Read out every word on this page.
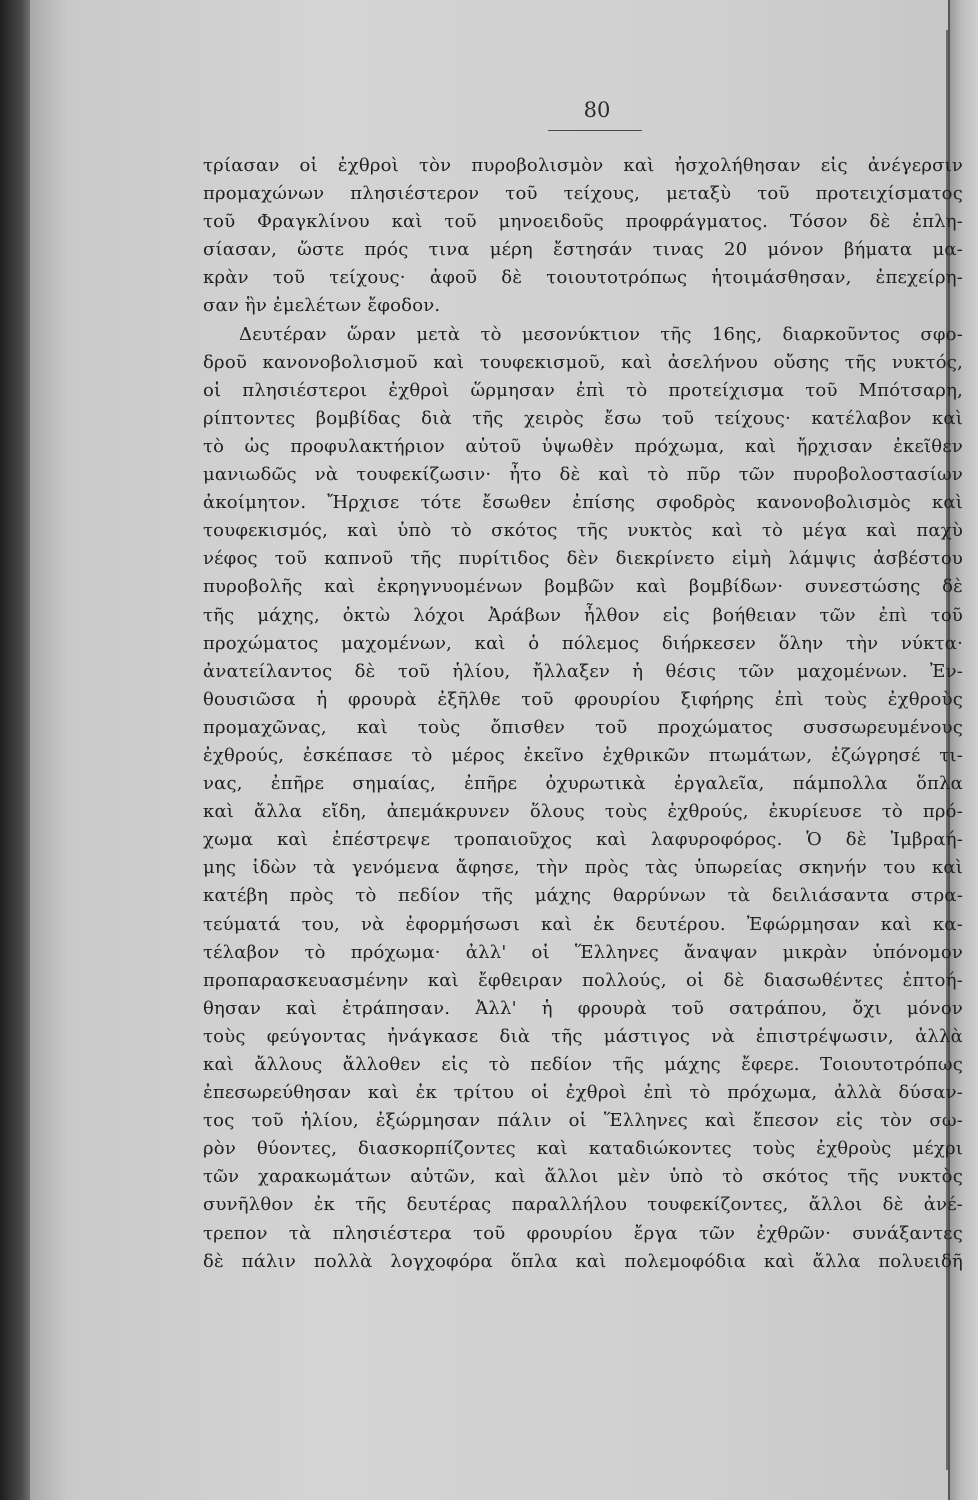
80
τρίασαν οἱ ἐχθροὶ τὸν πυροβολισμὸν καὶ ἠσχολήθησαν εἰς ἀνέγερσιν
προμαχώνων πλησιέστερον τοῦ τείχους, μεταξὺ τοῦ προτειχίσματος
τοῦ Φραγκλίνου καὶ τοῦ μηνοειδοῦς προφράγματος. Τόσον δὲ ἐπλη-
σίασαν, ὥστε πρός τινα μέρη ἔστησάν τινας 20 μόνον βήματα μα-
κρὰν τοῦ τείχους· ἀφοῦ δὲ τοιουτοτρόπως ἡτοιμάσθησαν, ἐπεχείρη-
σαν ἣν ἐμελέτων ἔφοδον.
Δευτέραν ὥραν μετὰ τὸ μεσονύκτιον τῆς 16ης, διαρκοῦντος σφο-
δροῦ κανονοβολισμοῦ καὶ τουφεκισμοῦ, καὶ ἀσελήνου οὔσης τῆς νυκτός,
οἱ πλησιέστεροι ἐχθροὶ ὥρμησαν ἐπὶ τὸ προτείχισμα τοῦ Μπότσαρη,
ρίπτοντες βομβίδας διὰ τῆς χειρὸς ἔσω τοῦ τείχους· κατέλαβον καὶ
τὸ ὡς προφυλακτήριον αὐτοῦ ὑψωθὲν πρόχωμα, καὶ ἤρχισαν ἐκεῖθεν
μανιωδῶς νὰ τουφεκίζωσιν· ἦτο δὲ καὶ τὸ πῦρ τῶν πυροβολοστασίων
ἀκοίμητον. Ἤρχισε τότε ἔσωθεν ἐπίσης σφοδρὸς κανονοβολισμὸς καὶ
τουφεκισμός, καὶ ὑπὸ τὸ σκότος τῆς νυκτὸς καὶ τὸ μέγα καὶ παχὺ
νέφος τοῦ καπνοῦ τῆς πυρίτιδος δὲν διεκρίνετο εἰμὴ λάμψις ἀσβέστου
πυροβολῆς καὶ ἐκρηγνυομένων βομβῶν καὶ βομβίδων· συνεστώσης δὲ
τῆς μάχης, ὀκτὼ λόχοι Ἀράβων ἦλθον εἰς βοήθειαν τῶν ἐπὶ τοῦ
προχώματος μαχομένων, καὶ ὁ πόλεμος διήρκεσεν ὅλην τὴν νύκτα·
ἀνατείλαντος δὲ τοῦ ἡλίου, ἤλλαξεν ἡ θέσις τῶν μαχομένων. Ἐν-
θουσιῶσα ἡ φρουρὰ ἐξῆλθε τοῦ φρουρίου ξιφήρης ἐπὶ τοὺς ἐχθροὺς
προμαχῶνας, καὶ τοὺς ὄπισθεν τοῦ προχώματος συσσωρευμένους
ἐχθρούς, ἐσκέπασε τὸ μέρος ἐκεῖνο ἐχθρικῶν πτωμάτων, ἐζώγρησέ τι-
νας, ἐπῆρε σημαίας, ἐπῆρε ὀχυρωτικὰ ἐργαλεῖα, πάμπολλα ὅπλα
καὶ ἄλλα εἴδη, ἀπεμάκρυνεν ὅλους τοὺς ἐχθρούς, ἐκυρίευσε τὸ πρό-
χωμα καὶ ἐπέστρεψε τροπαιοῦχος καὶ λαφυροφόρος. Ὁ δὲ Ἰμβραή-
μης ἰδὼν τὰ γενόμενα ἄφησε, τὴν πρὸς τὰς ὑπωρείας σκηνήν του καὶ
κατέβη πρὸς τὸ πεδίον τῆς μάχης θαρρύνων τὰ δειλιάσαντα στρα-
τεύματά του, νὰ ἐφορμήσωσι καὶ ἐκ δευτέρου. Ἐφώρμησαν καὶ κα-
τέλαβον τὸ πρόχωμα· ἀλλ' οἱ Ἕλληνες ἄναψαν μικρὰν ὑπόνομον
προπαρασκευασμένην καὶ ἔφθειραν πολλούς, οἱ δὲ διασωθέντες ἐπτοή-
θησαν καὶ ἐτράπησαν. Ἀλλ' ἡ φρουρὰ τοῦ σατράπου, ὄχι μόνον
τοὺς φεύγοντας ἠνάγκασε διὰ τῆς μάστιγος νὰ ἐπιστρέψωσιν, ἀλλὰ
καὶ ἄλλους ἄλλοθεν εἰς τὸ πεδίον τῆς μάχης ἔφερε. Τοιουτοτρόπως
ἐπεσωρεύθησαν καὶ ἐκ τρίτου οἱ ἐχθροὶ ἐπὶ τὸ πρόχωμα, ἀλλὰ δύσαν-
τος τοῦ ἡλίου, ἐξώρμησαν πάλιν οἱ Ἕλληνες καὶ ἔπεσον εἰς τὸν σω-
ρὸν θύοντες, διασκορπίζοντες καὶ καταδιώκοντες τοὺς ἐχθροὺς μέχρι
τῶν χαρακωμάτων αὐτῶν, καὶ ἄλλοι μὲν ὑπὸ τὸ σκότος τῆς νυκτὸς
συνῆλθον ἐκ τῆς δευτέρας παραλλήλου τουφεκίζοντες, ἄλλοι δὲ ἀνέ-
τρεπον τὰ πλησιέστερα τοῦ φρουρίου ἔργα τῶν ἐχθρῶν· συνάξαντες
δὲ πάλιν πολλὰ λογχοφόρα ὅπλα καὶ πολεμοφόδια καὶ ἄλλα πολυειδῆ
